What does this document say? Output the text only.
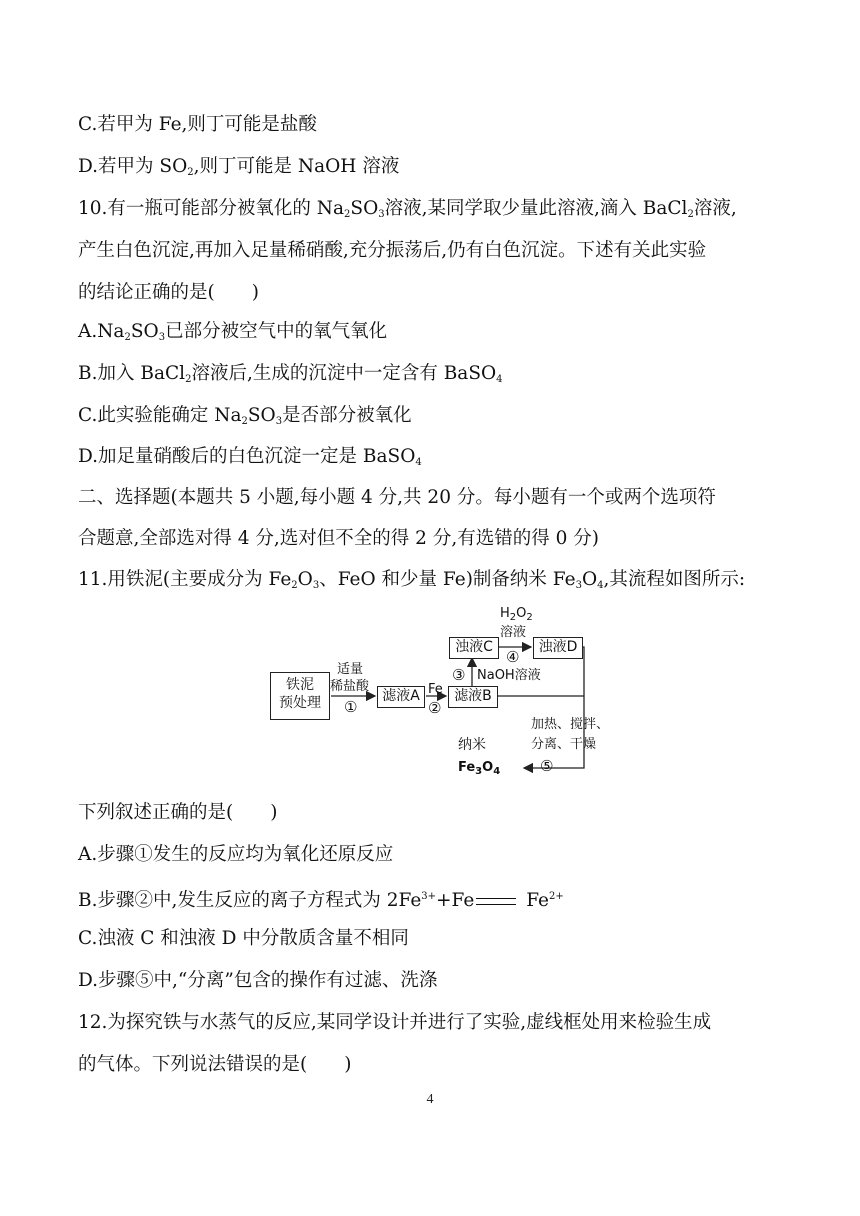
C.若甲为 Fe,则丁可能是盐酸
D.若甲为 $SO_2$,则丁可能是 NaOH 溶液
10.有一瓶可能部分被氧化的 $Na_2SO_3$溶液,某同学取少量此溶液,滴入 BaCl$_2$溶液,
产生白色沉淀,再加入足量稀硝酸,充分振荡后,仍有白色沉淀。下述有关此实验
的结论正确的是(　　)
$A.Na_2SO_3$已部分被空气中的氧气氧化
B.加入 BaCl$_2$溶液后,生成的沉淀中一定含有 BaSO$_4$
C.此实验能确定 $Na_2SO_3$是否部分被氧化
D.加足量硝酸后的白色沉淀一定是 BaSO$_4$
二、选择题(本题共 5 小题,每小题 4 分,共 20 分。每小题有一个或两个选项符
合题意,全部选对得 4 分,选对但不全的得 2 分,有选错的得 0 分)
11.用铁泥(主要成分为 $Fe_2O_3$、FeO 和少量 Fe)制备纳米 $Fe_3O_4$,其流程如图所示:
铁泥
预处理
适量
稀盐酸
①
滤液A Fe
②
滤液B
③ NaOH溶液
浊液C
$H_2O_2$
溶液
④
浊液D
加热、搅拌、
分离、干燥
⑤
纳米
$Fe_3O_4$
下列叙述正确的是(　　)
A.步骤①发生的反应均为氧化还原反应
B.步骤②中,发生反应的离子方程式为 $2Fe^{3+}+Fe$ $Fe^{2+}$
C.浊液 C 和浊液 D 中分散质含量不相同
D.步骤⑤中,“分离”包含的操作有过滤、洗涤
12.为探究铁与水蒸气的反应,某同学设计并进行了实验,虚线框处用来检验生成
的气体。下列说法错误的是(　　)
4
